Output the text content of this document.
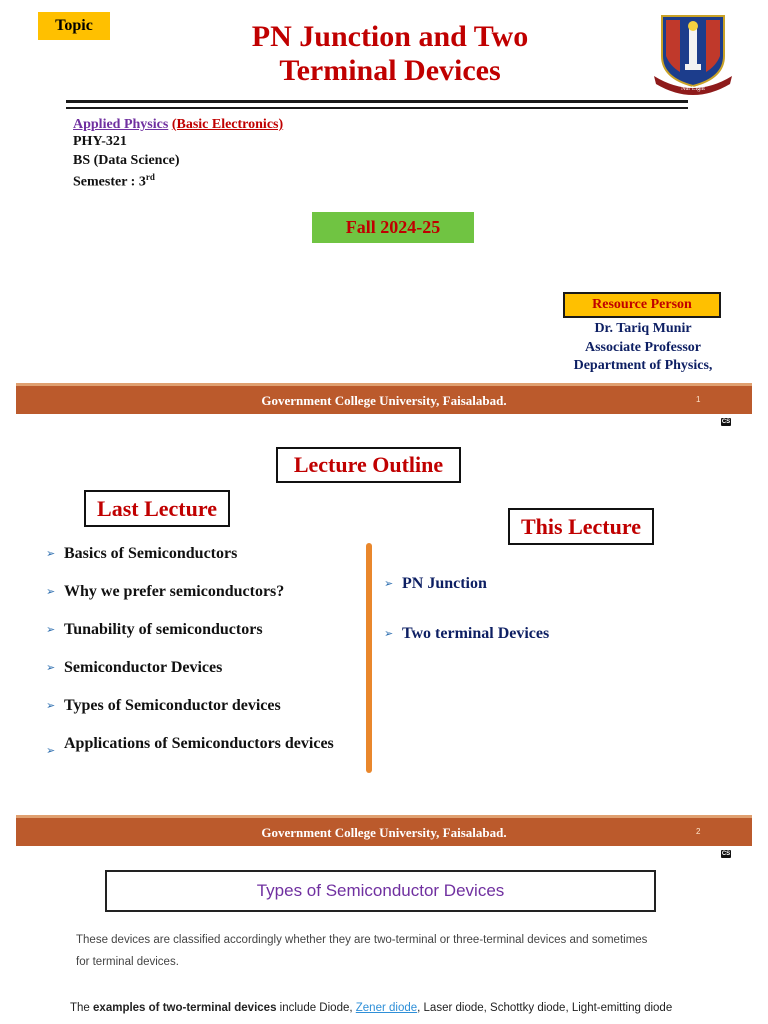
Topic	PN Junction and Two
Terminal Devices
Nur Light
Applied Physics (Basic Electronics)
PHY-321
BS (Data Science)
Semester : 3rd
Fall 2024-25
Resource Person
Dr. Tariq Munir
Associate Professor
Department of Physics,
Government College University, Faisalabad.	1
CS
Lecture Outline
Last Lecture
This Lecture
➢ Basics of Semiconductors
➢ Why we prefer semiconductors?
➢ Tunability of semiconductors
➢ Semiconductor Devices
➢ Types of Semiconductor devices
➢ Applications of Semiconductors devices
➢ PN Junction
➢ Two terminal Devices
Government College University, Faisalabad.	2
CS
Types of Semiconductor Devices
These devices are classified accordingly whether they are two-terminal or three-terminal devices and sometimes
for terminal devices.
The examples of two-terminal devices include Diode, Zener diode, Laser diode, Schottky diode, Light-emitting diode
